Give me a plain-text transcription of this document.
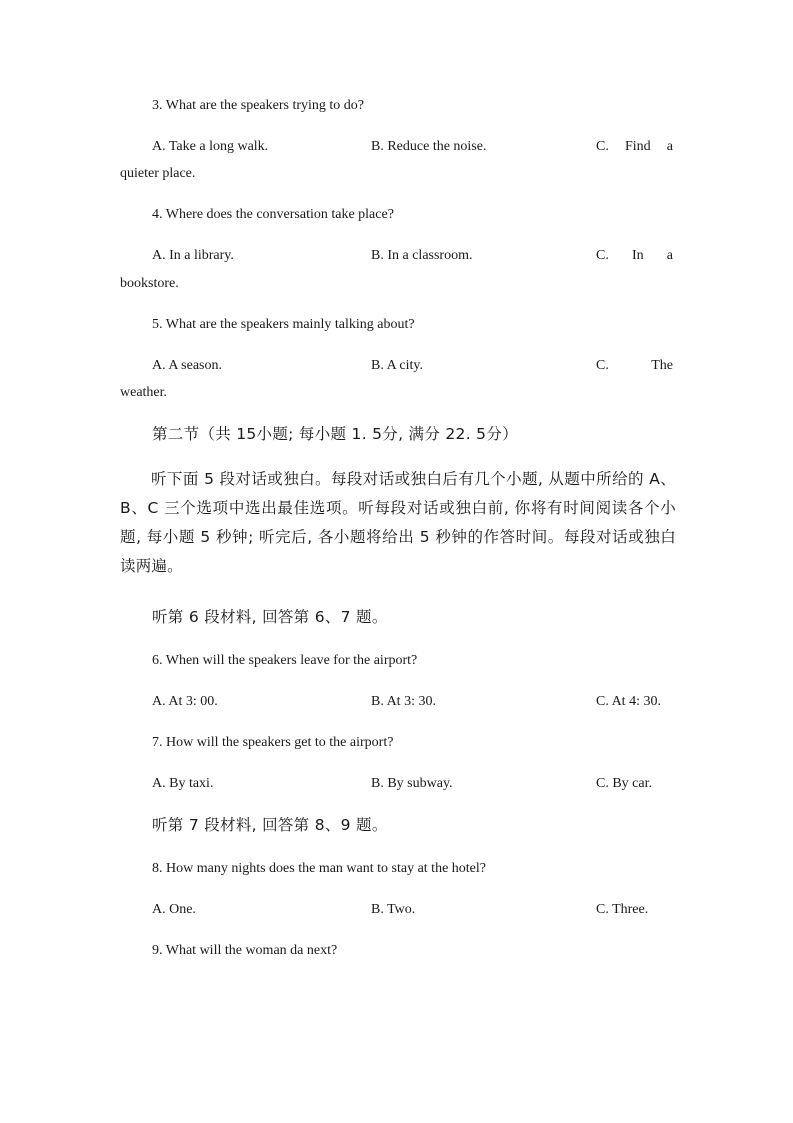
3. What are the speakers trying to do?
A. Take a long walk.	B. Reduce the noise.	C. Find a
quieter place.
4. Where does the conversation take place?
A. In a library.	B. In a classroom.	C. In a
bookstore.
5. What are the speakers mainly talking about?
A. A season.	B. A city.	C.	The
weather.
第二节（共 15小题; 每小题 1. 5分, 满分 22. 5分）
听下面 5 段对话或独白。每段对话或独白后有几个小题, 从题中所给的 A、B、C 三个选项中选出最佳选项。听每段对话或独白前, 你将有时间阅读各个小题, 每小题 5 秒钟; 听完后, 各小题将给出 5 秒钟的作答时间。每段对话或独白读两遍。
听第 6 段材料, 回答第 6、7 题。
6. When will the speakers leave for the airport?
A. At 3: 00.	B. At 3: 30.	C. At 4: 30.
7. How will the speakers get to the airport?
A. By taxi.	B. By subway.	C. By car.
听第 7 段材料, 回答第 8、9 题。
8. How many nights does the man want to stay at the hotel?
A. One.	B. Two.	C. Three.
9. What will the woman da next?
